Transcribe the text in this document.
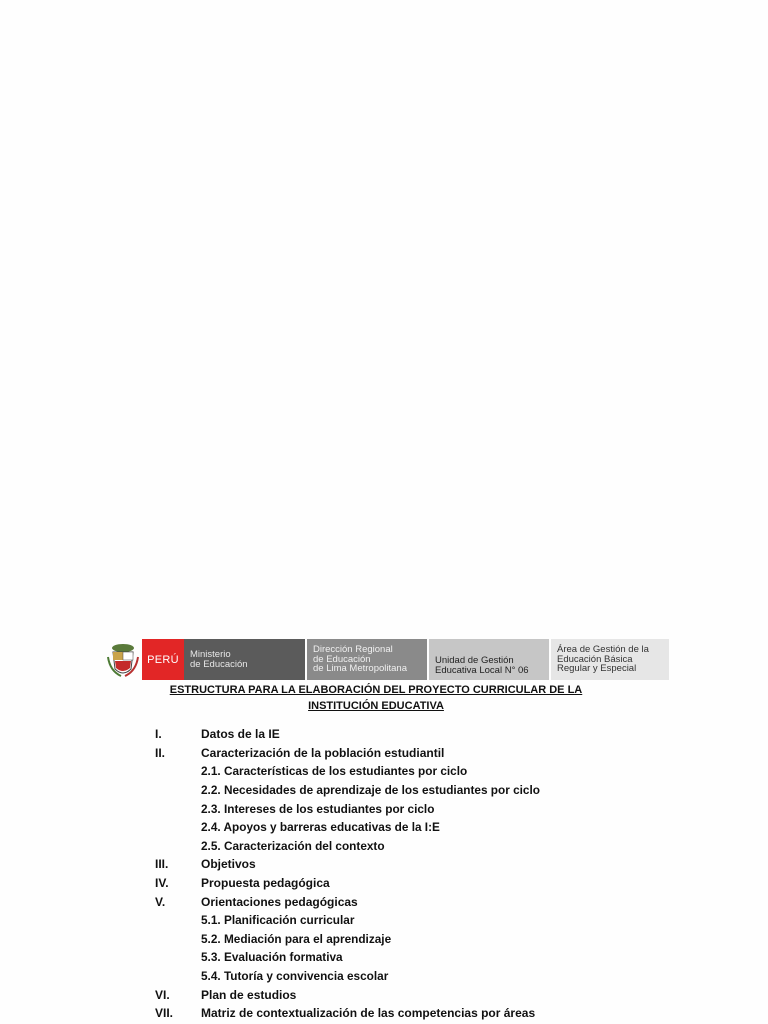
PERÚ	Ministerio
de Educación
Dirección Regional
de Educación
de Lima Metropolitana
Unidad de Gestión
Educativa Local N° 06
Área de Gestión de la
Educación Básica
Regular y Especial
ESTRUCTURA PARA LA ELABORACIÓN DEL PROYECTO CURRICULAR DE LA INSTITUCIÓN EDUCATIVA
I.	Datos de la IE
II.	Caracterización de la población estudiantil
2.1. Características de los estudiantes por ciclo
2.2. Necesidades de aprendizaje de los estudiantes por ciclo
2.3. Intereses de los estudiantes por ciclo
2.4. Apoyos y barreras educativas de la I:E
2.5. Caracterización del contexto
III.	Objetivos
IV.	Propuesta pedagógica
V.	Orientaciones pedagógicas
5.1. Planificación curricular
5.2. Mediación para el aprendizaje
5.3. Evaluación formativa
5.4. Tutoría y convivencia escolar
VI.	Plan de estudios
VII.	Matriz de contextualización de las competencias por áreas
